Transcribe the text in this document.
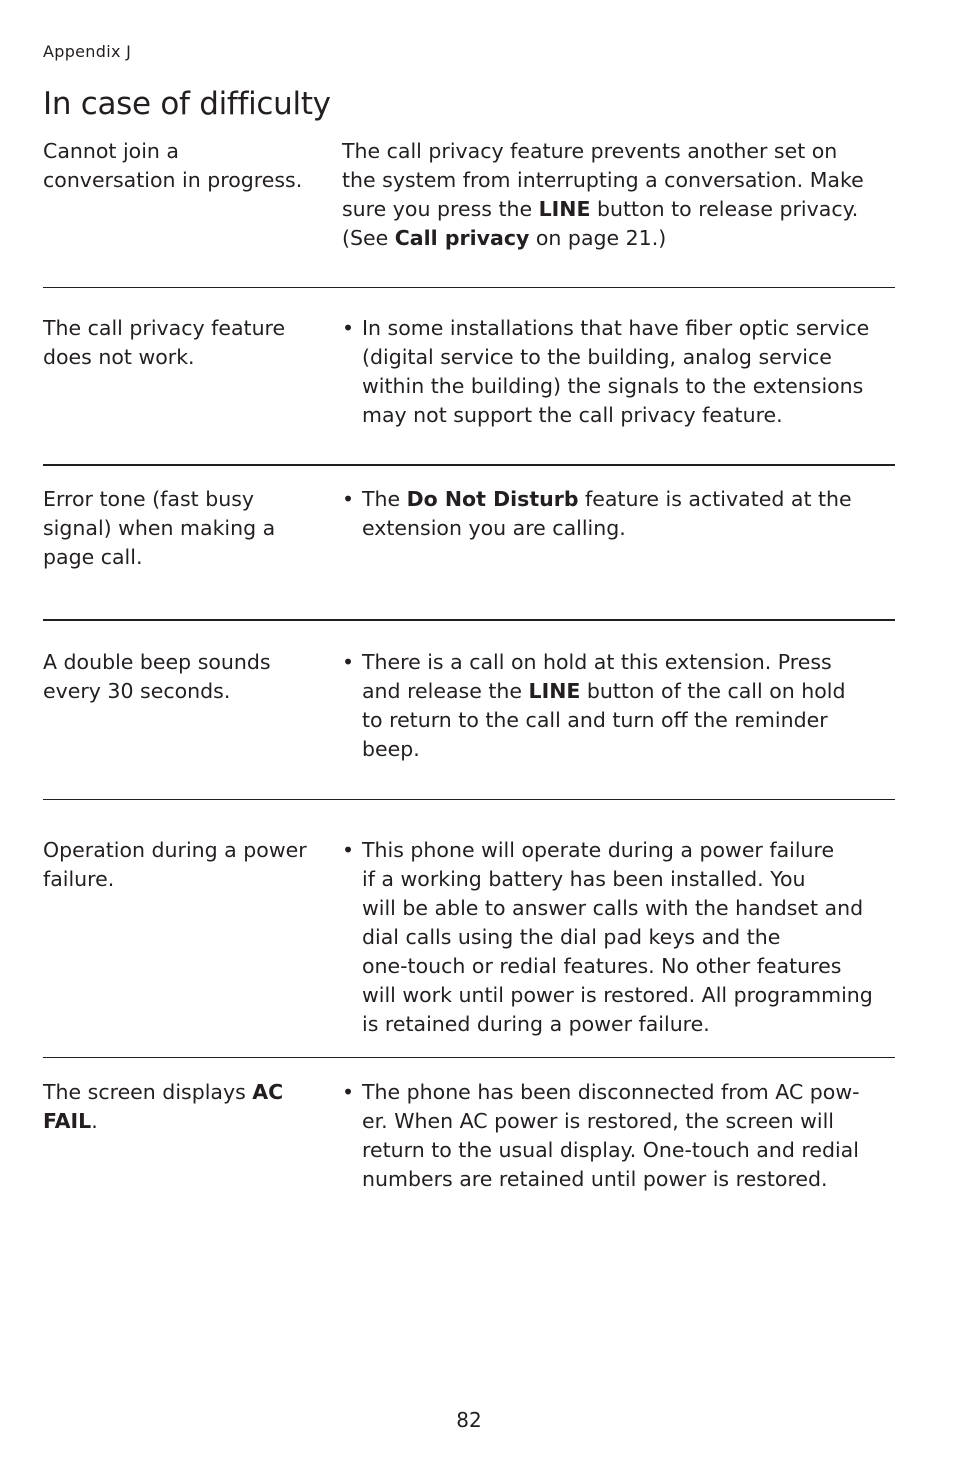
Appendix J
In case of difficulty
Cannot join a
conversation in progress.
The call privacy feature prevents another set on
the system from interrupting a conversation. Make
sure you press the LINE button to release privacy.
(See Call privacy on page 21.)
The call privacy feature
does not work.
• In some installations that have fiber optic service
(digital service to the building, analog service
within the building) the signals to the extensions
may not support the call privacy feature.
Error tone (fast busy
signal) when making a
page call.
• The Do Not Disturb feature is activated at the
extension you are calling.
A double beep sounds
every 30 seconds.
• There is a call on hold at this extension. Press
and release the LINE button of the call on hold
to return to the call and turn off the reminder
beep.
Operation during a power
failure.
• This phone will operate during a power failure
if a working battery has been installed. You
will be able to answer calls with the handset and
dial calls using the dial pad keys and the
one-touch or redial features. No other features
will work until power is restored. All programming
is retained during a power failure.
The screen displays AC
FAIL.
• The phone has been disconnected from AC pow-
er. When AC power is restored, the screen will
return to the usual display. One-touch and redial
numbers are retained until power is restored.
82
